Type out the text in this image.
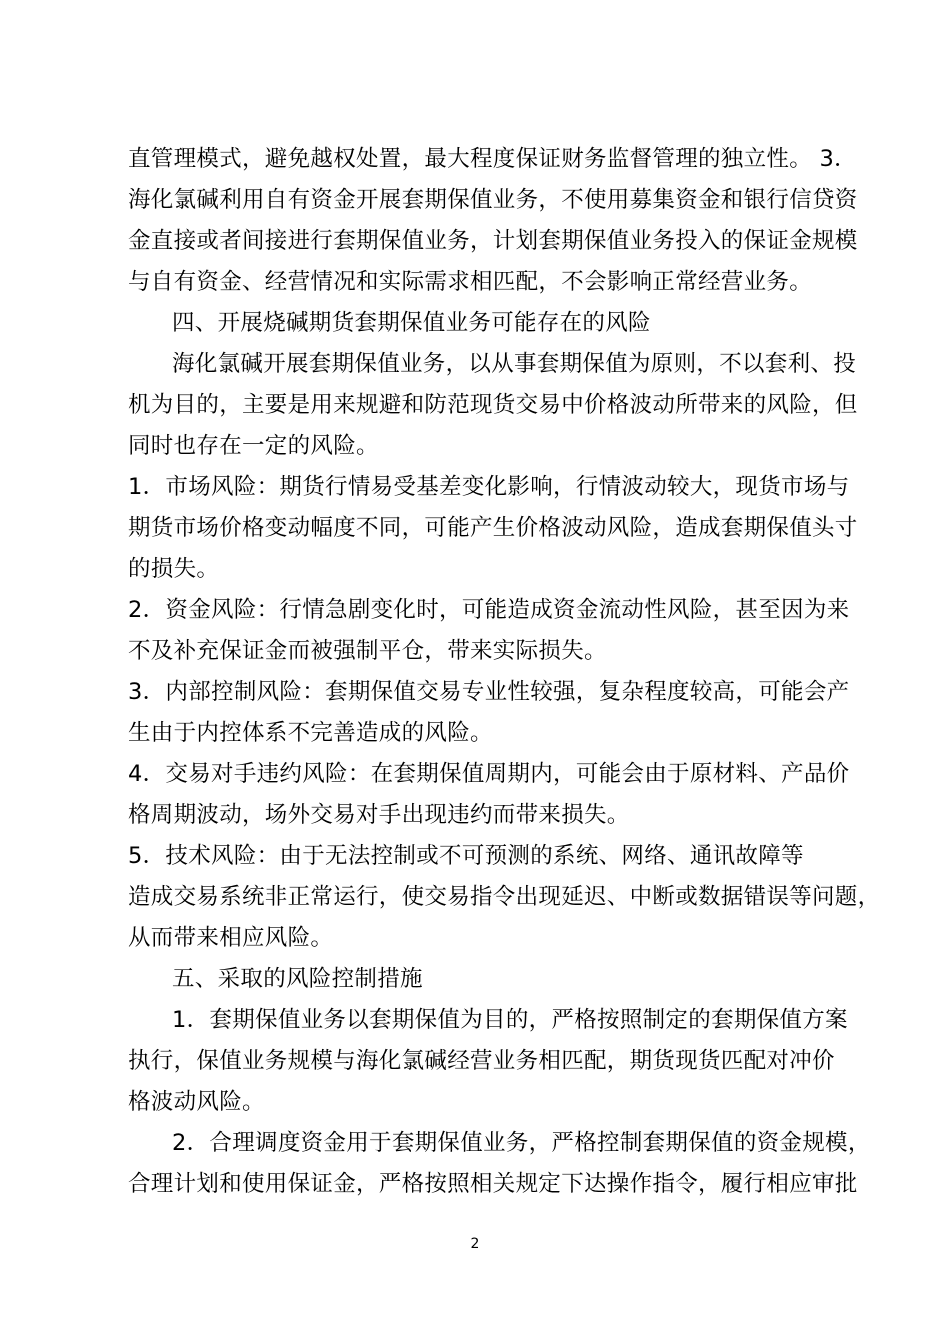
直管理模式，避免越权处置，最大程度保证财务监督管理的独立性。 3．
海化氯碱利用自有资金开展套期保值业务，不使用募集资金和银行信贷资
金直接或者间接进行套期保值业务，计划套期保值业务投入的保证金规模
与自有资金、经营情况和实际需求相匹配，不会影响正常经营业务。
四、开展烧碱期货套期保值业务可能存在的风险
海化氯碱开展套期保值业务，以从事套期保值为原则，不以套利、投
机为目的，主要是用来规避和防范现货交易中价格波动所带来的风险，但
同时也存在一定的风险。
1．市场风险：期货行情易受基差变化影响，行情波动较大，现货市场与
期货市场价格变动幅度不同，可能产生价格波动风险，造成套期保值头寸
的损失。
2．资金风险：行情急剧变化时，可能造成资金流动性风险，甚至因为来
不及补充保证金而被强制平仓，带来实际损失。
3．内部控制风险：套期保值交易专业性较强，复杂程度较高，可能会产
生由于内控体系不完善造成的风险。
4．交易对手违约风险：在套期保值周期内，可能会由于原材料、产品价
格周期波动，场外交易对手出现违约而带来损失。
5．技术风险：由于无法控制或不可预测的系统、网络、通讯故障等
造成交易系统非正常运行，使交易指令出现延迟、中断或数据错误等问题，
从而带来相应风险。
五、采取的风险控制措施
1．套期保值业务以套期保值为目的，严格按照制定的套期保值方案
执行，保值业务规模与海化氯碱经营业务相匹配，期货现货匹配对冲价
格波动风险。
2．合理调度资金用于套期保值业务，严格控制套期保值的资金规模，
合理计划和使用保证金，严格按照相关规定下达操作指令，履行相应审批
2
